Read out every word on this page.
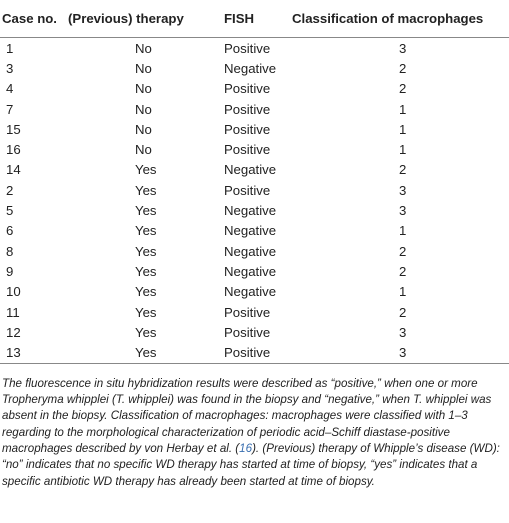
Case no.	(Previous) therapy	FISH	Classification of macrophages
1	No	Positive	3
3	No	Negative	2
4	No	Positive	2
7	No	Positive	1
15	No	Positive	1
16	No	Positive	1
14	Yes	Negative	2
2	Yes	Positive	3
5	Yes	Negative	3
6	Yes	Negative	1
8	Yes	Negative	2
9	Yes	Negative	2
10	Yes	Negative	1
11	Yes	Positive	2
12	Yes	Positive	3
13	Yes	Positive	3

The fluorescence in situ hybridization results were described as “positive,” when one or more Tropheryma whipplei (T. whipplei) was found in the biopsy and “negative,” when T. whipplei was absent in the biopsy. Classification of macrophages: macrophages were classified with 1–3 regarding to the morphological characterization of periodic acid–Schiff diastase-positive macrophages described by von Herbay et al. (16). (Previous) therapy of Whipple’s disease (WD): “no” indicates that no specific WD therapy has started at time of biopsy, “yes” indicates that a specific antibiotic WD therapy has already been started at time of biopsy.
